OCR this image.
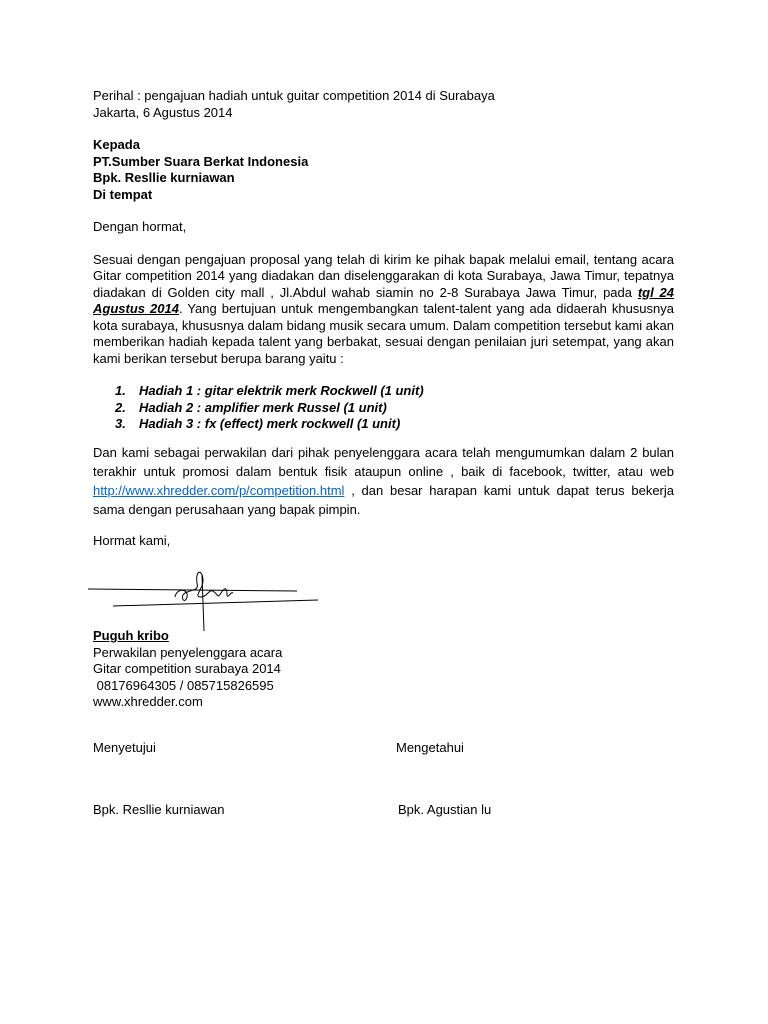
Perihal : pengajuan hadiah untuk guitar competition 2014 di Surabaya
Jakarta, 6 Agustus 2014
Kepada
PT.Sumber Suara Berkat Indonesia
Bpk. Resllie kurniawan
Di tempat
Dengan hormat,
Sesuai dengan pengajuan proposal yang telah di kirim ke pihak bapak melalui email, tentang acara Gitar competition 2014 yang diadakan dan diselenggarakan di kota Surabaya, Jawa Timur, tepatnya diadakan di Golden city mall , Jl.Abdul wahab siamin no 2-8 Surabaya Jawa Timur, pada tgl 24 Agustus 2014. Yang bertujuan untuk mengembangkan talent-talent yang ada didaerah khususnya kota surabaya, khususnya dalam bidang musik secara umum. Dalam competition tersebut kami akan memberikan hadiah kepada talent yang berbakat, sesuai dengan penilaian juri setempat, yang akan kami berikan tersebut berupa barang yaitu :
1. Hadiah 1 : gitar elektrik merk Rockwell (1 unit)
2. Hadiah 2 : amplifier merk Russel (1 unit)
3. Hadiah 3 : fx (effect) merk rockwell (1 unit)
Dan kami sebagai perwakilan dari pihak penyelenggara acara telah mengumumkan dalam 2 bulan terakhir untuk promosi dalam bentuk fisik ataupun online , baik di facebook, twitter, atau web http://www.xhredder.com/p/competition.html , dan besar harapan kami untuk dapat terus bekerja sama dengan perusahaan yang bapak pimpin.
Hormat kami,
Puguh kribo
Perwakilan penyelenggara acara
Gitar competition surabaya 2014
08176964305 / 085715826595
www.xhredder.com
Menyetujui	Mengetahui
Bpk. Resllie kurniawan	Bpk. Agustian lu
